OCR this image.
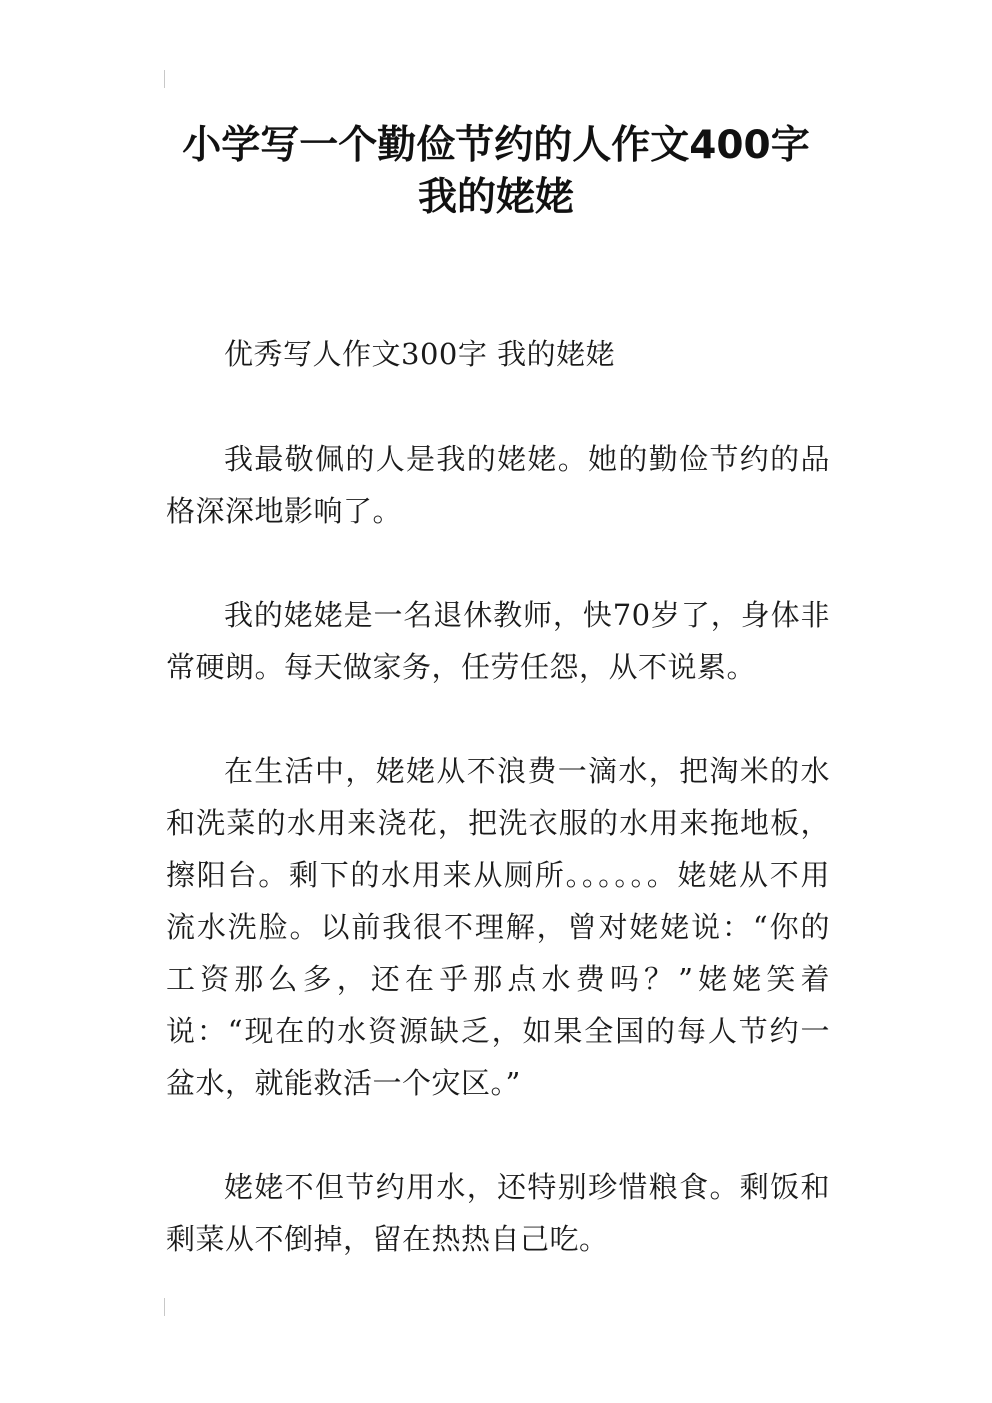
小学写一个勤俭节约的人作文400字
我的姥姥

优秀写人作文300字 我的姥姥

我最敬佩的人是我的姥姥。她的勤俭节约的品格深深地影响了。

我的姥姥是一名退休教师，快70岁了，身体非常硬朗。每天做家务，任劳任怨，从不说累。

在生活中，姥姥从不浪费一滴水，把淘米的水和洗菜的水用来浇花，把洗衣服的水用来拖地板，擦阳台。剩下的水用来从厕所。。。。。。姥姥从不用流水洗脸。以前我很不理解，曾对姥姥说：“你的工资那么多，还在乎那点水费吗？”姥姥笑着说：“现在的水资源缺乏，如果全国的每人节约一盆水，就能救活一个灾区。”

姥姥不但节约用水，还特别珍惜粮食。剩饭和剩菜从不倒掉，留在热热自己吃。
